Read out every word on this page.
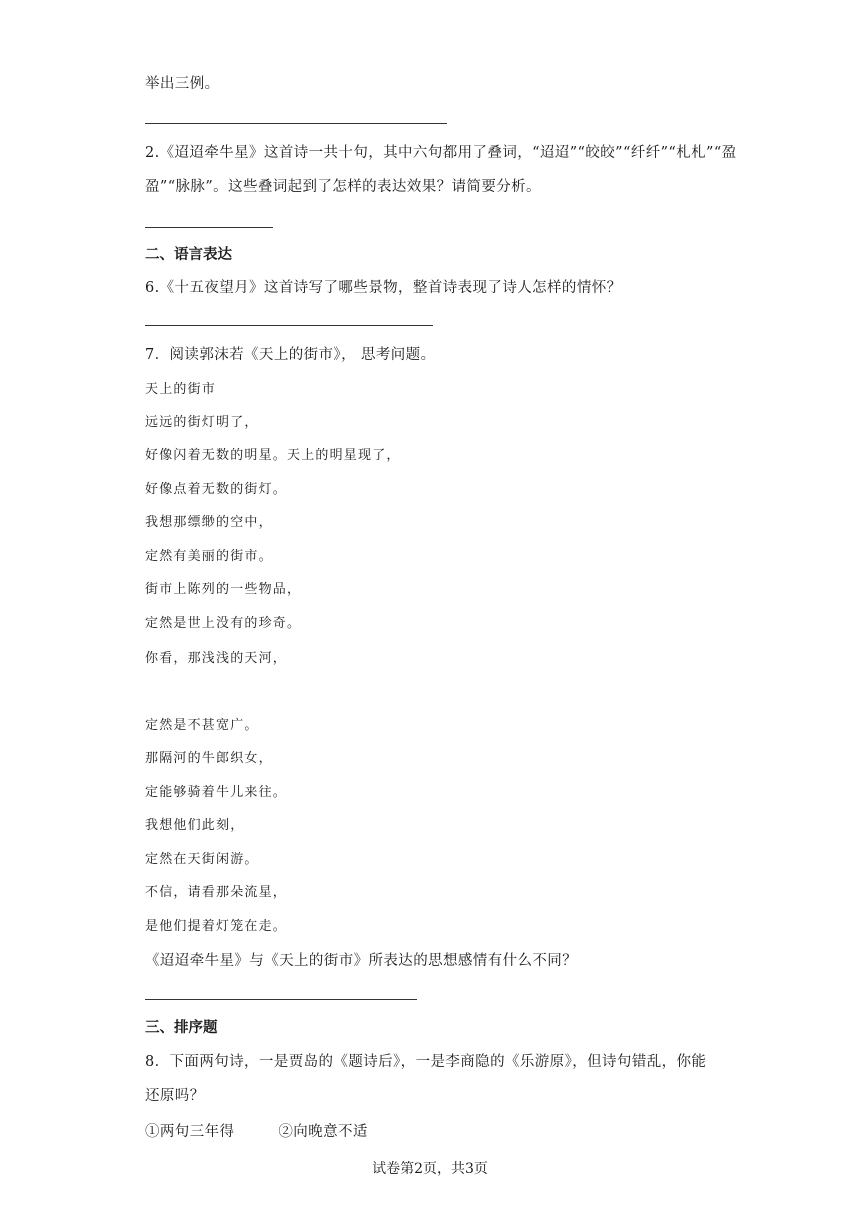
举出三例。
2.《迢迢牵牛星》这首诗一共十句，其中六句都用了叠词，“迢迢”“皎皎”“纤纤”“札札”“盈
盈”“脉脉”。这些叠词起到了怎样的表达效果？请简要分析。
二、语言表达
6.《十五夜望月》这首诗写了哪些景物，整首诗表现了诗人怎样的情怀？
7．阅读郭沫若《天上的街市》， 思考问题。
天上的街市
远远的街灯明了，
好像闪着无数的明星。天上的明星现了，
好像点着无数的街灯。
我想那缥缈的空中，
定然有美丽的街市。
街市上陈列的一些物品，
定然是世上没有的珍奇。
你看，那浅浅的天河，
定然是不甚宽广。
那隔河的牛郎织女，
定能够骑着牛儿来往。
我想他们此刻，
定然在天街闲游。
不信，请看那朵流星，
是他们提着灯笼在走。
《迢迢牵牛星》与《天上的街市》所表达的思想感情有什么不同？
三、排序题
8．下面两句诗，一是贾岛的《题诗后》，一是李商隐的《乐游原》，但诗句错乱，你能
还原吗？
①两句三年得	②向晚意不适
试卷第2页，共3页
